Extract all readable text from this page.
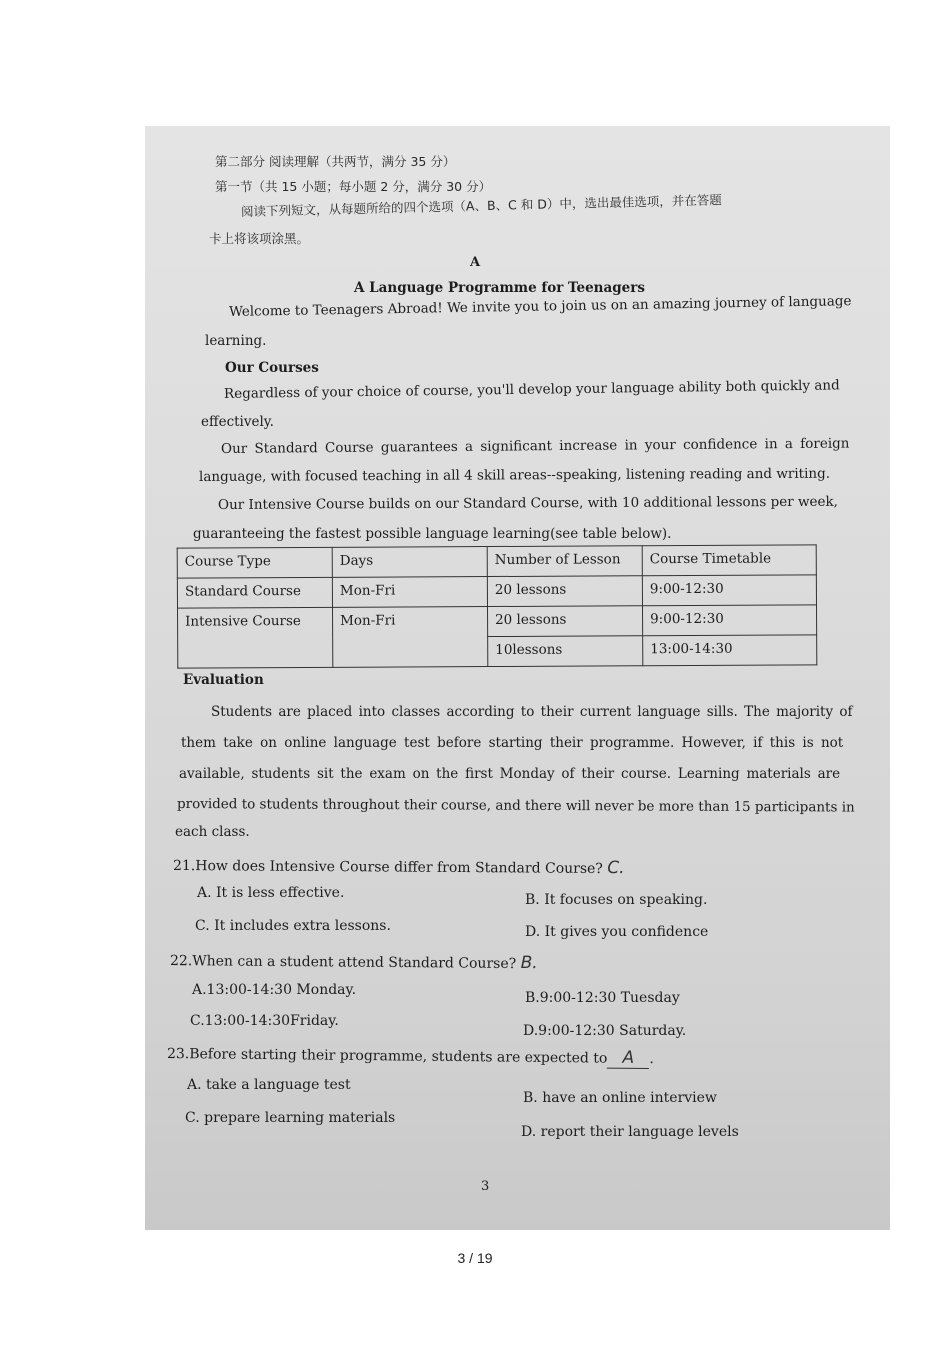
第二部分 阅读理解（共两节，满分 35 分）
第一节（共 15 小题；每小题 2 分，满分 30 分）
阅读下列短文，从每题所给的四个选项（A、B、C 和 D）中，选出最佳选项，并在答题
卡上将该项涂黑。
A
A Language Programme for Teenagers
Welcome to Teenagers Abroad! We invite you to join us on an amazing journey of language
learning.
Our Courses
Regardless of your choice of course, you'll develop your language ability both quickly and
effectively.
Our Standard Course guarantees a significant increase in your confidence in a foreign
language, with focused teaching in all 4 skill areas--speaking, listening reading and writing.
Our Intensive Course builds on our Standard Course, with 10 additional lessons per week,
guaranteeing the fastest possible language learning(see table below).
Course Type	Days	Number of Lesson	Course Timetable
Standard Course	Mon-Fri	20 lessons	9:00-12:30
Intensive Course	Mon-Fri	20 lessons	9:00-12:30
		10lessons	13:00-14:30
Evaluation
Students are placed into classes according to their current language sills. The majority of
them take on online language test before starting their programme. However, if this is not
available, students sit the exam on the first Monday of their course. Learning materials are
provided to students throughout their course, and there will never be more than 15 participants in
each class.
21.How does Intensive Course differ from Standard Course? C.
A. It is less effective.	B. It focuses on speaking.
C. It includes extra lessons.	D. It gives you confidence
22.When can a student attend Standard Course? B.
A.13:00-14:30 Monday.	B.9:00-12:30 Tuesday
C.13:00-14:30Friday.
D.9:00-12:30 Saturday.
23.Before starting their programme, students are expected to A .
A. take a language test
B. have an online interview
C. prepare learning materials
D. report their language levels
3
3 / 19
